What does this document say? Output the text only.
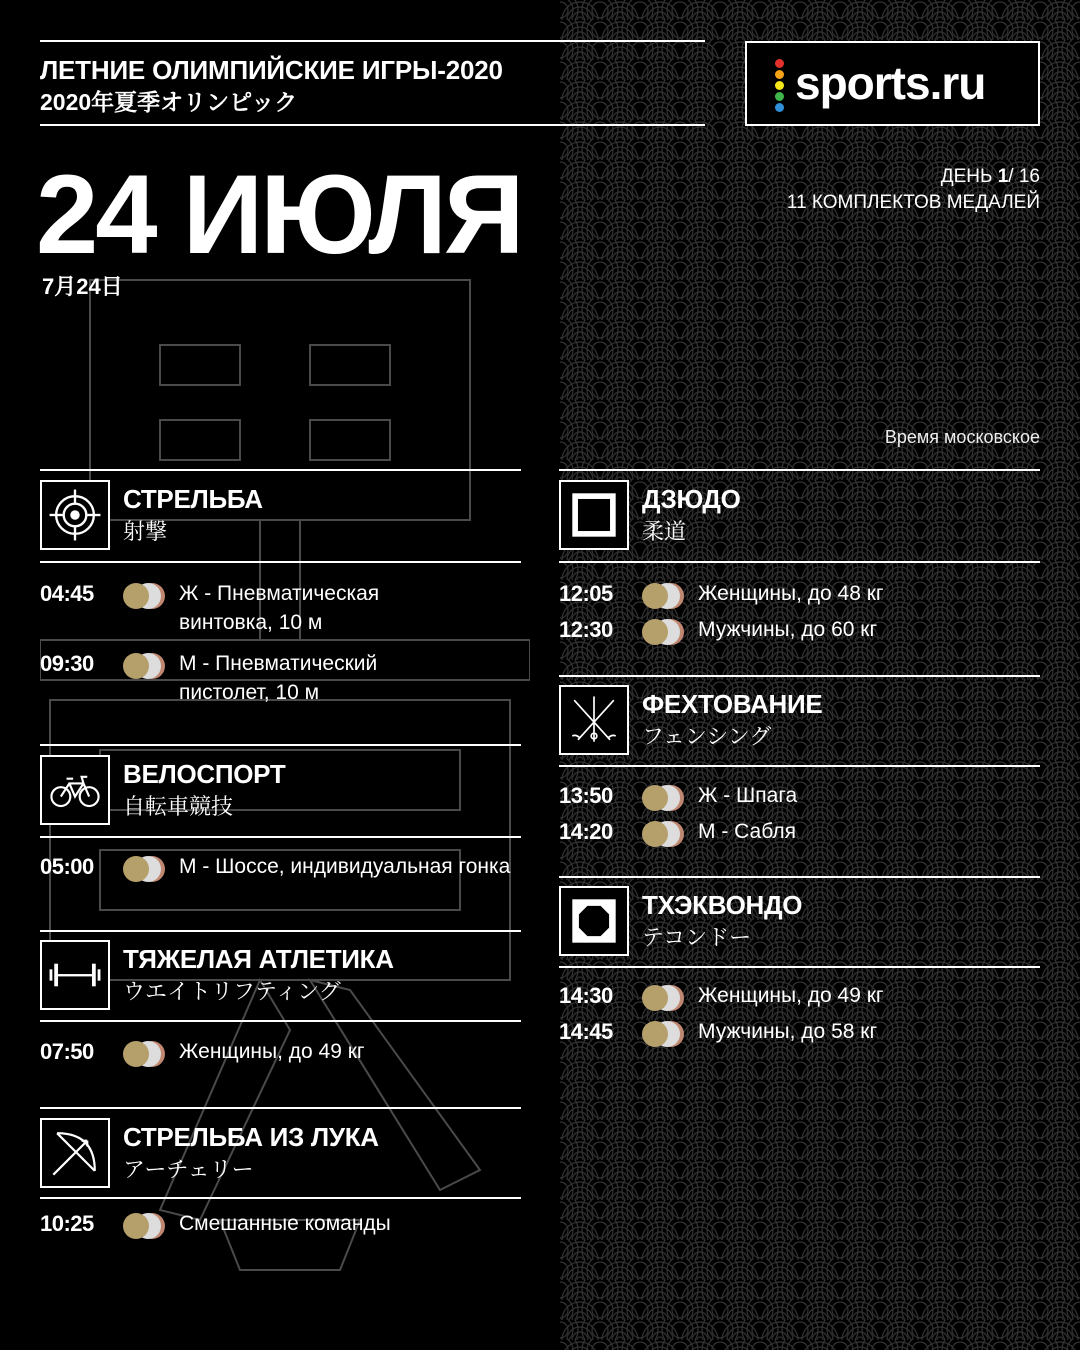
ЛЕТНИЕ ОЛИМПИЙСКИЕ ИГРЫ-2020
2020年夏季オリンピック	sports.ru
24 ИЮЛЯ
7月24日
ДЕНЬ 1/ 16
11 КОМПЛЕКТОВ МЕДАЛЕЙ
Время московское
СТРЕЛЬБА
射撃
04:45	Ж - Пневматическая
винтовка, 10 м
09:30	М - Пневматический
пистолет, 10 м
ВЕЛОСПОРТ
自転車競技
05:00	М - Шоссе, индивидуальная гонка
ТЯЖЕЛАЯ АТЛЕТИКА
ウエイトリフティング
07:50	Женщины, до 49 кг
СТРЕЛЬБА ИЗ ЛУКА
アーチェリー
10:25	Смешанные команды
ДЗЮДО
柔道
12:05	Женщины, до 48 кг
12:30	Мужчины, до 60 кг
ФЕХТОВАНИЕ
フェンシング
13:50	Ж - Шпага
14:20	М - Сабля
ТХЭКВОНДО
テコンドー
14:30	Женщины, до 49 кг
14:45	Мужчины, до 58 кг
